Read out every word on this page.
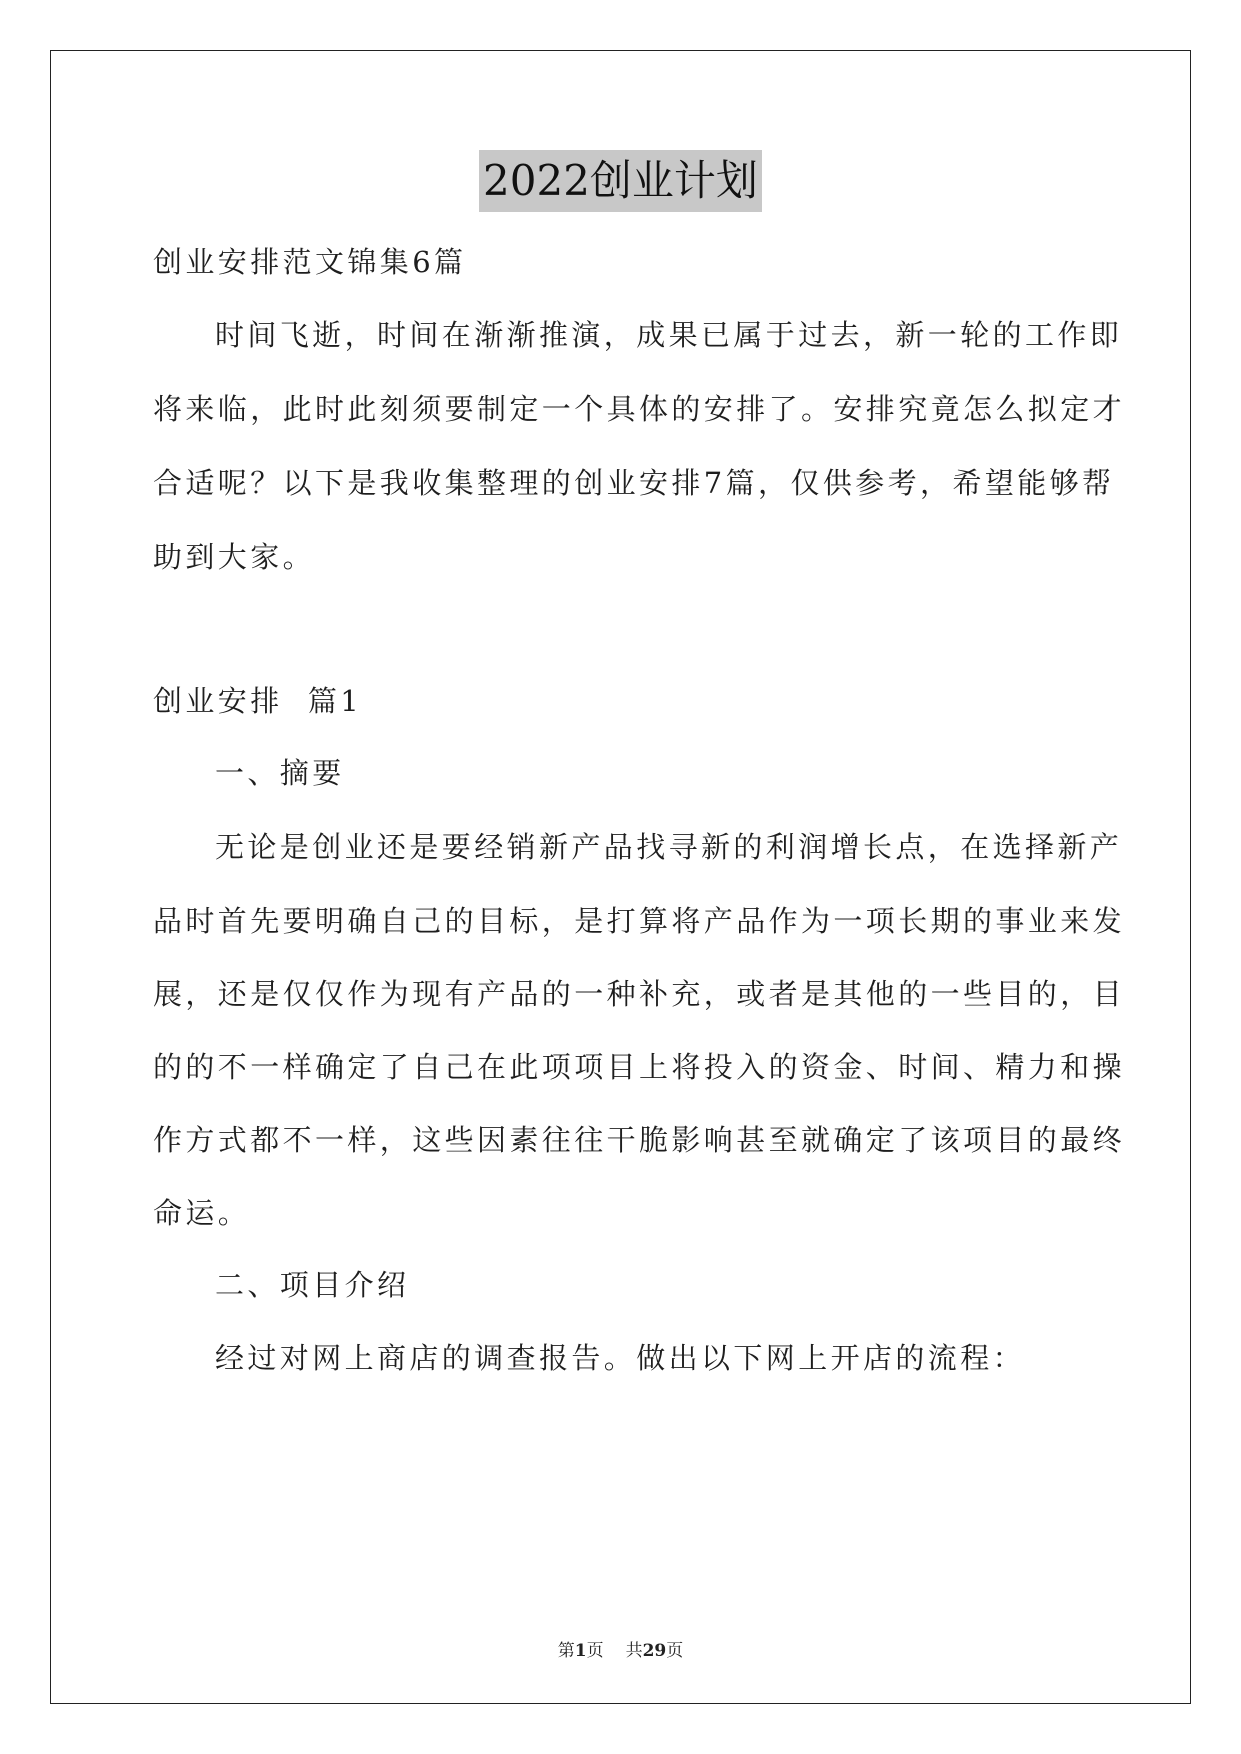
2022创业计划
创业安排范文锦集6篇
时间飞逝，时间在渐渐推演，成果已属于过去，新一轮的工作即
将来临，此时此刻须要制定一个具体的安排了。安排究竟怎么拟定才
合适呢？以下是我收集整理的创业安排7篇，仅供参考，希望能够帮
助到大家。
创业安排  篇1
一、摘要
无论是创业还是要经销新产品找寻新的利润增长点，在选择新产
品时首先要明确自己的目标，是打算将产品作为一项长期的事业来发
展，还是仅仅作为现有产品的一种补充，或者是其他的一些目的，目
的的不一样确定了自己在此项项目上将投入的资金、时间、精力和操
作方式都不一样，这些因素往往干脆影响甚至就确定了该项目的最终
命运。
二、项目介绍
经过对网上商店的调查报告。做出以下网上开店的流程：
第1页 共29页
